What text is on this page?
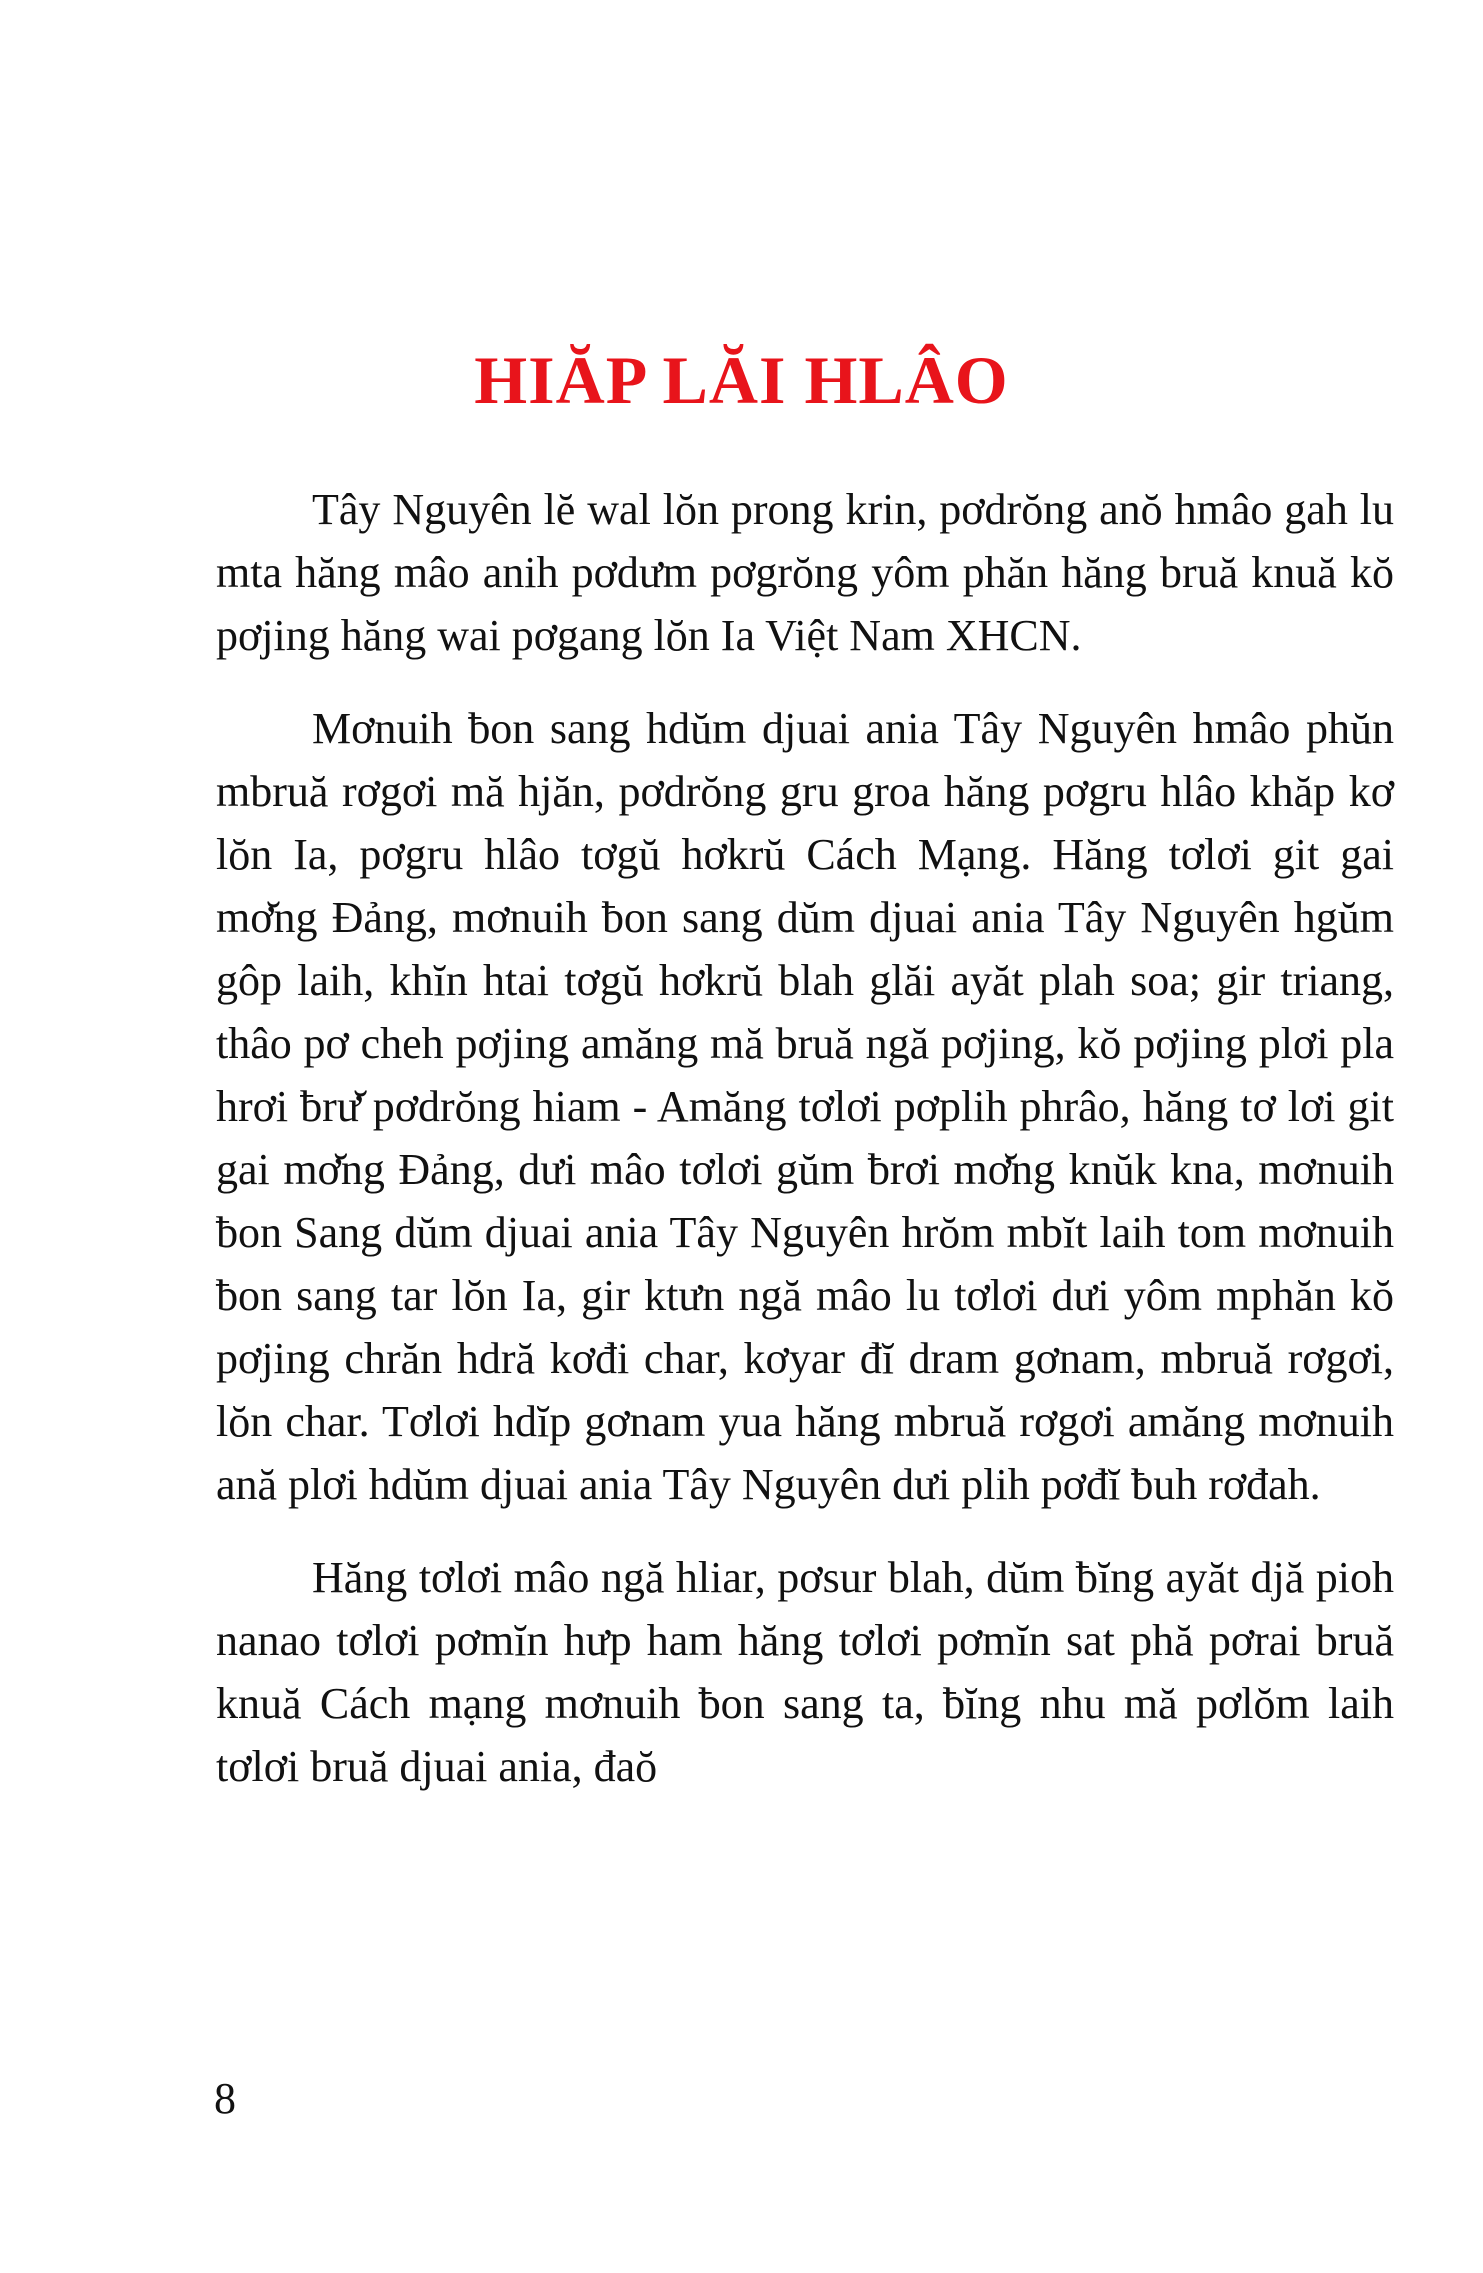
HIĂP LĂI HLÂO

Tây Nguyên lĕ wal lŏn prong krin, pơdrŏng anŏ hmâo gah lu mta hăng mâo anih pơdưm pơgrŏng yôm phăn hăng bruă knuă kŏ pơjing hăng wai pơgang lŏn Ia Việt Nam XHCN.

Mơnuih ƀon sang hdŭm djuai ania Tây Nguyên hmâo phŭn mbruă rơgơi mă hjăn, pơdrŏng gru groa hăng pơgru hlâo khăp kơ lŏn Ia, pơgru hlâo tơgŭ hơkrŭ Cách Mạng. Hăng tơlơi git gai mơ̆ng Đảng, mơnuih ƀon sang dŭm djuai ania Tây Nguyên hgŭm gôp laih, khĭn htai tơgŭ hơkrŭ blah glăi ayăt plah soa; gir triang, thâo pơ cheh pơjing amăng mă bruă ngă pơjing, kŏ pơjing plơi pla hrơi ƀrư̆ pơdrŏng hiam - Amăng tơlơi pơplih phrâo, hăng tơ lơi git gai mơ̆ng Đảng, dưi mâo tơlơi gŭm ƀrơi mơ̆ng knŭk kna, mơnuih ƀon Sang dŭm djuai ania Tây Nguyên hrŏm mbĭt laih tom mơnuih ƀon sang tar lŏn Ia, gir ktưn ngă mâo lu tơlơi dưi yôm mphăn kŏ pơjing chrăn hdră kơđi char, kơyar đĭ dram gơnam, mbruă rơgơi, lŏn char. Tơlơi hdĭp gơnam yua hăng mbruă rơgơi amăng mơnuih ană plơi hdŭm djuai ania Tây Nguyên dưi plih pơđĭ ƀuh rơđah.

Hăng tơlơi mâo ngă hliar, pơsur blah, dŭm ƀĭng ayăt djă pioh nanao tơlơi pơmĭn hưp ham hăng tơlơi pơmĭn sat phă pơrai bruă knuă Cách mạng mơnuih ƀon sang ta, ƀĭng nhu mă pơlŏm laih tơlơi bruă djuai ania, đaŏ

8
